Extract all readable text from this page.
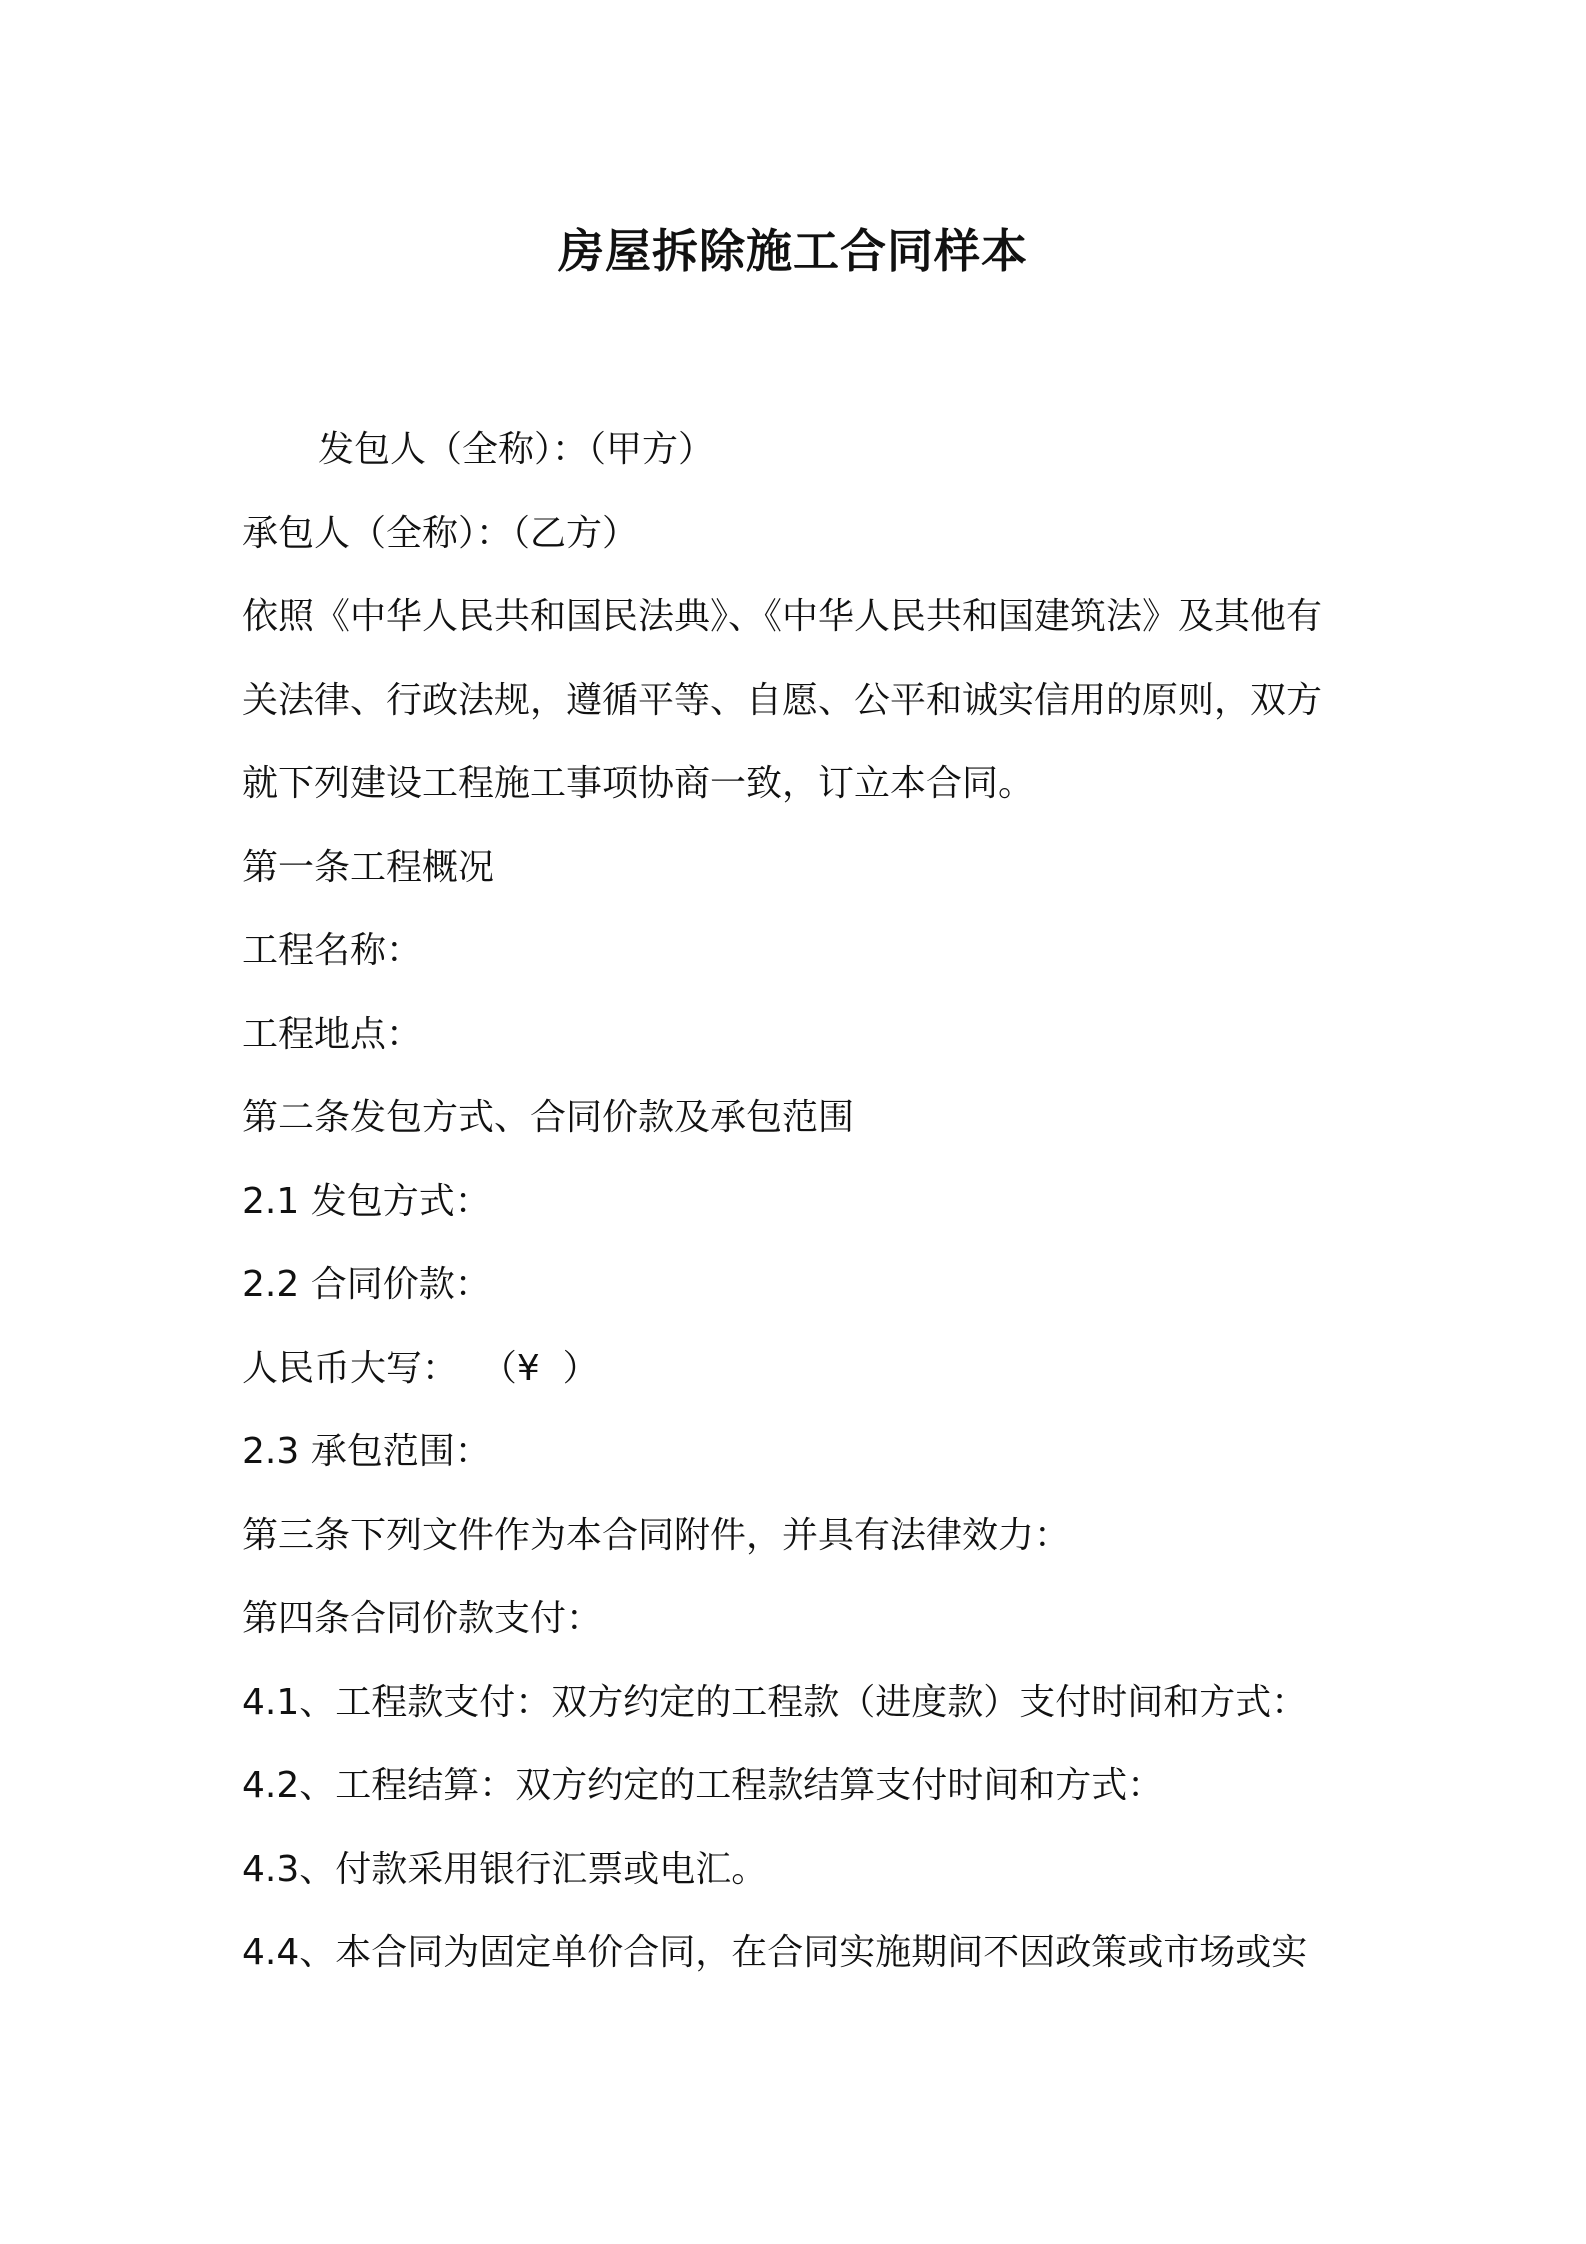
房屋拆除施工合同样本

发包人（全称）：（甲方）

承包人（全称）：（乙方）

依照《中华人民共和国民法典》、《中华人民共和国建筑法》及其他有

关法律、行政法规，遵循平等、自愿、公平和诚实信用的原则，双方

就下列建设工程施工事项协商一致，订立本合同。

第一条工程概况

工程名称：

工程地点：

第二条发包方式、合同价款及承包范围

2.1 发包方式：

2.2 合同价款：

人民币大写：  （¥  ）

2.3 承包范围：

第三条下列文件作为本合同附件，并具有法律效力：

第四条合同价款支付：

4.1、工程款支付：双方约定的工程款（进度款）支付时间和方式：

4.2、工程结算：双方约定的工程款结算支付时间和方式：

4.3、付款采用银行汇票或电汇。

4.4、本合同为固定单价合同，在合同实施期间不因政策或市场或实
